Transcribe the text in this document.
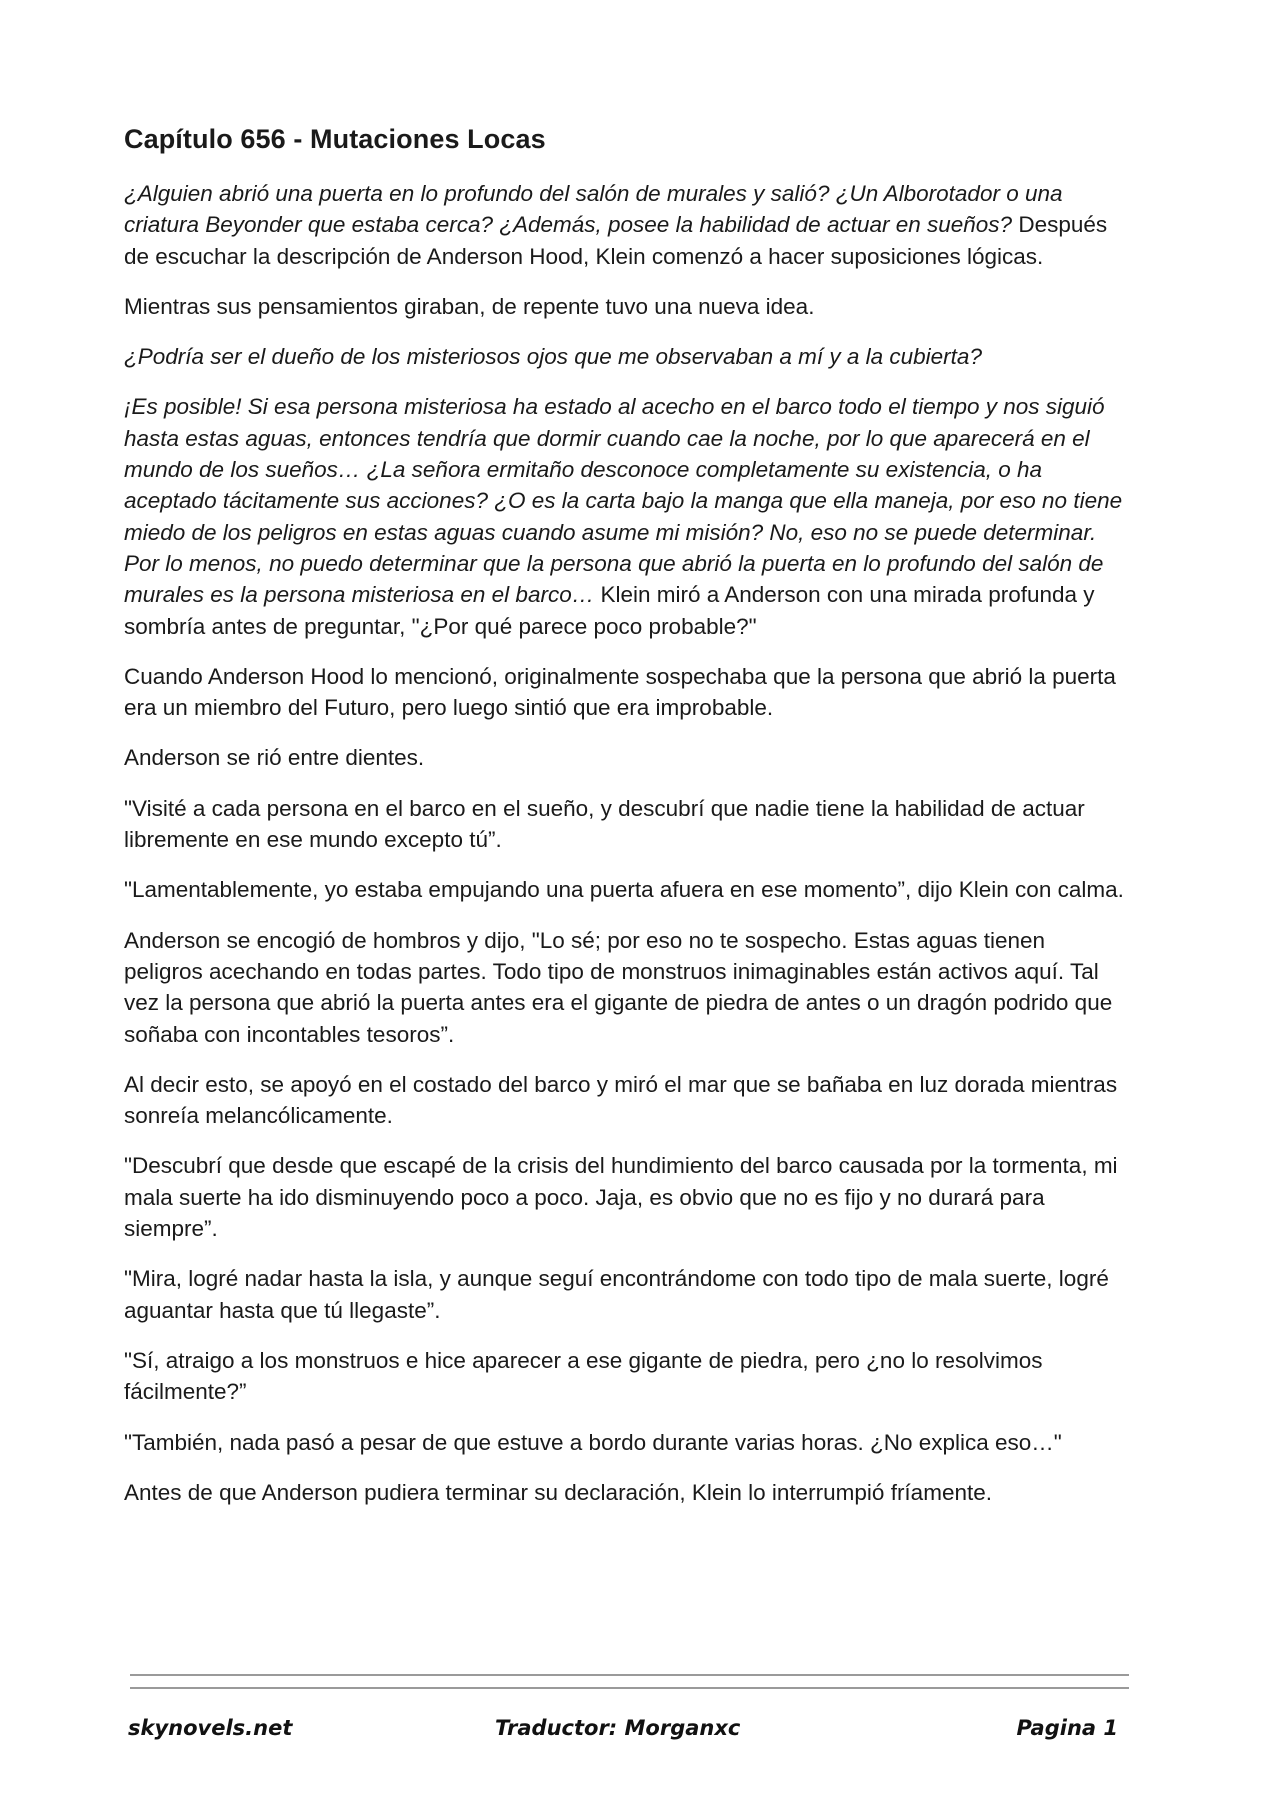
Capítulo 656 - Mutaciones Locas

¿Alguien abrió una puerta en lo profundo del salón de murales y salió? ¿Un Alborotador o una criatura Beyonder que estaba cerca? ¿Además, posee la habilidad de actuar en sueños? Después de escuchar la descripción de Anderson Hood, Klein comenzó a hacer suposiciones lógicas.

Mientras sus pensamientos giraban, de repente tuvo una nueva idea.

¿Podría ser el dueño de los misteriosos ojos que me observaban a mí y a la cubierta?

¡Es posible! Si esa persona misteriosa ha estado al acecho en el barco todo el tiempo y nos siguió hasta estas aguas, entonces tendría que dormir cuando cae la noche, por lo que aparecerá en el mundo de los sueños… ¿La señora ermitaño desconoce completamente su existencia, o ha aceptado tácitamente sus acciones? ¿O es la carta bajo la manga que ella maneja, por eso no tiene miedo de los peligros en estas aguas cuando asume mi misión? No, eso no se puede determinar. Por lo menos, no puedo determinar que la persona que abrió la puerta en lo profundo del salón de murales es la persona misteriosa en el barco… Klein miró a Anderson con una mirada profunda y sombría antes de preguntar, "¿Por qué parece poco probable?"

Cuando Anderson Hood lo mencionó, originalmente sospechaba que la persona que abrió la puerta era un miembro del Futuro, pero luego sintió que era improbable.

Anderson se rió entre dientes.

"Visité a cada persona en el barco en el sueño, y descubrí que nadie tiene la habilidad de actuar libremente en ese mundo excepto tú”.

"Lamentablemente, yo estaba empujando una puerta afuera en ese momento”, dijo Klein con calma.

Anderson se encogió de hombros y dijo, "Lo sé; por eso no te sospecho. Estas aguas tienen peligros acechando en todas partes. Todo tipo de monstruos inimaginables están activos aquí. Tal vez la persona que abrió la puerta antes era el gigante de piedra de antes o un dragón podrido que soñaba con incontables tesoros”.

Al decir esto, se apoyó en el costado del barco y miró el mar que se bañaba en luz dorada mientras sonreía melancólicamente.

"Descubrí que desde que escapé de la crisis del hundimiento del barco causada por la tormenta, mi mala suerte ha ido disminuyendo poco a poco. Jaja, es obvio que no es fijo y no durará para siempre”.

"Mira, logré nadar hasta la isla, y aunque seguí encontrándome con todo tipo de mala suerte, logré aguantar hasta que tú llegaste”.

"Sí, atraigo a los monstruos e hice aparecer a ese gigante de piedra, pero ¿no lo resolvimos fácilmente?”

"También, nada pasó a pesar de que estuve a bordo durante varias horas. ¿No explica eso…"

Antes de que Anderson pudiera terminar su declaración, Klein lo interrumpió fríamente.

skynovels.net	Traductor: Morganxc	Pagina 1
